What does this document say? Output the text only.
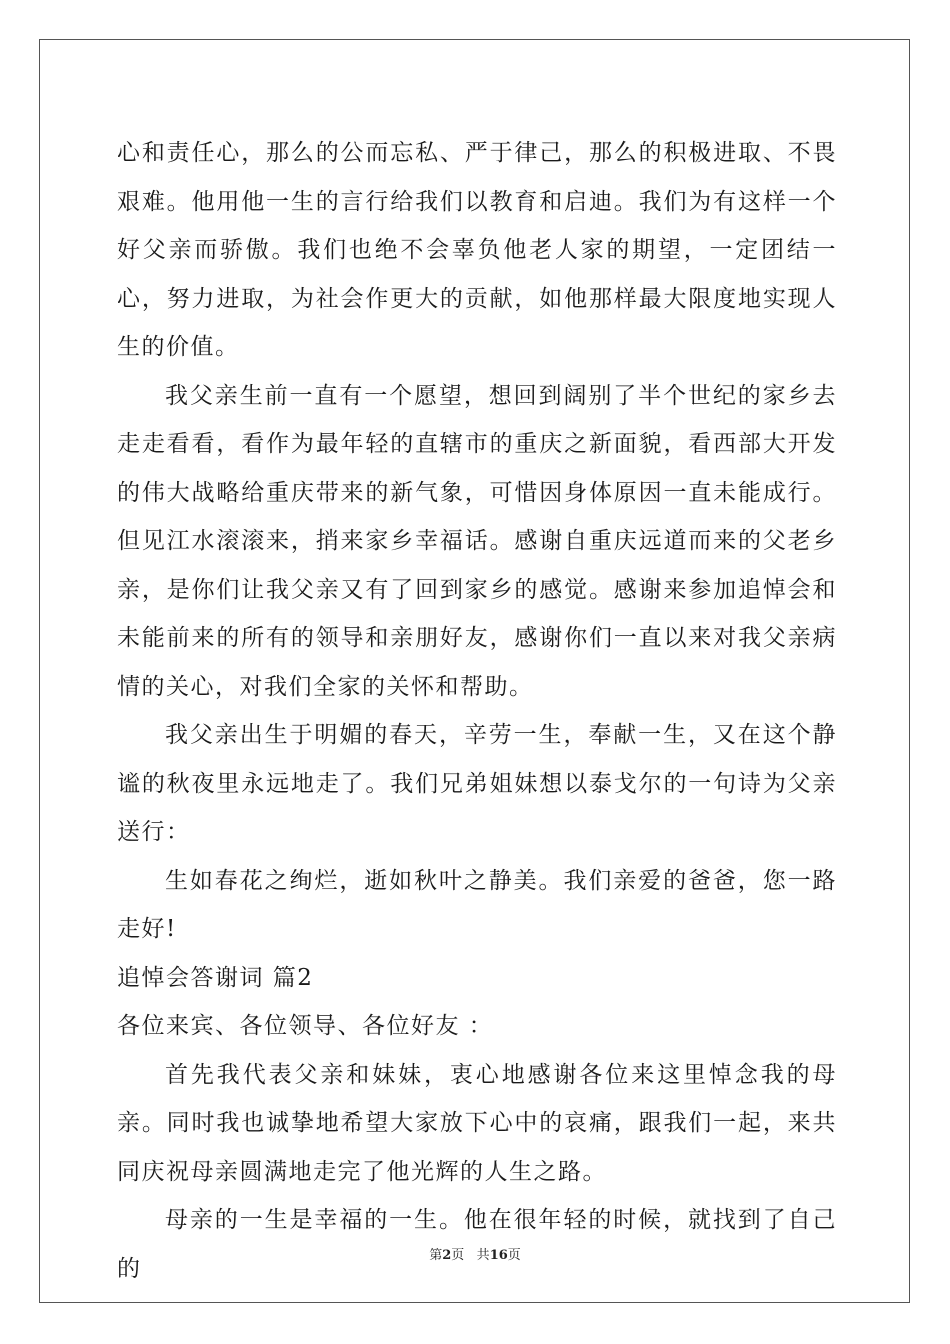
心和责任心，那么的公而忘私、严于律己，那么的积极进取、不畏艰难。他用他一生的言行给我们以教育和启迪。我们为有这样一个好父亲而骄傲。我们也绝不会辜负他老人家的期望，一定团结一心，努力进取，为社会作更大的贡献，如他那样最大限度地实现人生的价值。

我父亲生前一直有一个愿望，想回到阔别了半个世纪的家乡去走走看看，看作为最年轻的直辖市的重庆之新面貌，看西部大开发的伟大战略给重庆带来的新气象，可惜因身体原因一直未能成行。但见江水滚滚来，捎来家乡幸福话。感谢自重庆远道而来的父老乡亲，是你们让我父亲又有了回到家乡的感觉。感谢来参加追悼会和未能前来的所有的领导和亲朋好友，感谢你们一直以来对我父亲病情的关心，对我们全家的关怀和帮助。

我父亲出生于明媚的春天，辛劳一生，奉献一生，又在这个静谧的秋夜里永远地走了。我们兄弟姐妹想以泰戈尔的一句诗为父亲送行：

生如春花之绚烂，逝如秋叶之静美。我们亲爱的爸爸，您一路走好!

追悼会答谢词 篇2

各位来宾、各位领导、各位好友 ：

首先我代表父亲和妹妹，衷心地感谢各位来这里悼念我的母亲。同时我也诚挚地希望大家放下心中的哀痛，跟我们一起，来共同庆祝母亲圆满地走完了他光辉的人生之路。

母亲的一生是幸福的一生。他在很年轻的时候，就找到了自己的	第2页 共16页
